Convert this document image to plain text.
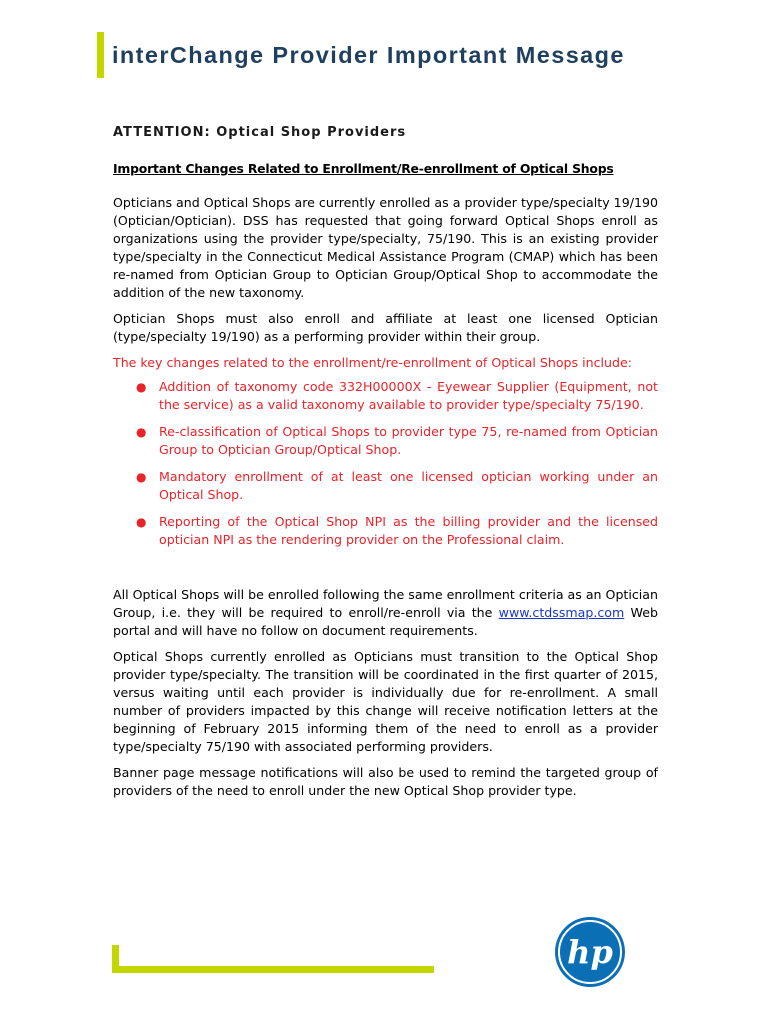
interChange Provider Important Message
ATTENTION: Optical Shop Providers
Important Changes Related to Enrollment/Re-enrollment of Optical Shops

Opticians and Optical Shops are currently enrolled as a provider type/specialty 19/190 (Optician/Optician). DSS has requested that going forward Optical Shops enroll as organizations using the provider type/specialty, 75/190. This is an existing provider type/specialty in the Connecticut Medical Assistance Program (CMAP) which has been re-named from Optician Group to Optician Group/Optical Shop to accommodate the addition of the new taxonomy.

Optician Shops must also enroll and affiliate at least one licensed Optician (type/specialty 19/190) as a performing provider within their group.

The key changes related to the enrollment/re-enrollment of Optical Shops include:

● Addition of taxonomy code 332H00000X - Eyewear Supplier (Equipment, not the service) as a valid taxonomy available to provider type/specialty 75/190.
● Re-classification of Optical Shops to provider type 75, re-named from Optician Group to Optician Group/Optical Shop.
● Mandatory enrollment of at least one licensed optician working under an Optical Shop.
● Reporting of the Optical Shop NPI as the billing provider and the licensed optician NPI as the rendering provider on the Professional claim.

All Optical Shops will be enrolled following the same enrollment criteria as an Optician Group, i.e. they will be required to enroll/re-enroll via the www.ctdssmap.com Web portal and will have no follow on document requirements.

Optical Shops currently enrolled as Opticians must transition to the Optical Shop provider type/specialty. The transition will be coordinated in the first quarter of 2015, versus waiting until each provider is individually due for re-enrollment. A small number of providers impacted by this change will receive notification letters at the beginning of February 2015 informing them of the need to enroll as a provider type/specialty 75/190 with associated performing providers.

Banner page message notifications will also be used to remind the targeted group of providers of the need to enroll under the new Optical Shop provider type.

hp
